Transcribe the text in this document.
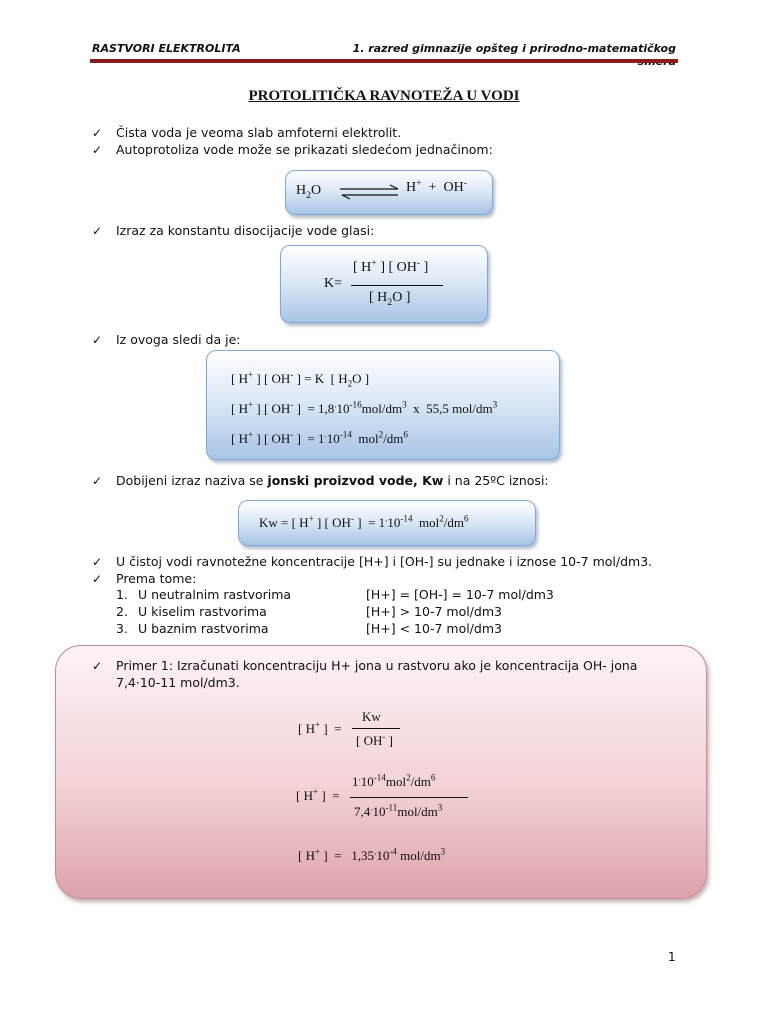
RASTVORI ELEKTROLITA	1. razred gimnazije opšteg i prirodno-matematičkog
PROTOLITIČKA RAVNOTEŽA U VODI
✓ Čista voda je veoma slab amfoterni elektrolit.
✓ Autoprotoliza vode može se prikazati sledećom jednačinom:
$H_2O$ ⇌ H+  +  OH-
✓ Izraz za konstantu disocijacije vode glasi:
K=
[ H+ ] [ OH- ]
[ $H_2O$ ]
✓ Iz ovoga sledi da je:
[ H+ ] [ OH- ] = K  [ $H_2O$ ]
[ H+ ] [ OH- ]  = $1,8^.10^{-16}mol/dm^3$  x  55,5 mol/$dm^3$
[ H+ ] [ OH- ]  = $1^.10^{-14}$  $mol^2/dm^6$
✓ Dobijeni izraz naziva se jonski proizvod vode, Kw i na 25ºC iznosi:
Kw = [ H+ ] [ OH- ]  = $1^.10^{-14}$  $mol^2/dm^6$
✓ U čistoj vodi ravnotežne koncentracije [H+] i [OH-] su jednake i iznose 10-7 mol/dm3.
✓ Prema tome:
1. U neutralnim rastvorima	[H+] = [OH-] = 10-7 mol/dm3
2. U kiselim rastvorima	[H+] > 10-7 mol/dm3
3. U baznim rastvorima	[H+] < 10-7 mol/dm3
✓ Primer 1: Izračunati koncentraciju H+ jona u rastvoru ako je koncentracija OH- jona
7,4·10-11 mol/dm3.
[ H+ ]  =
Kw
[ OH- ]
[ H+ ]  =
$1^.10^{-14}mol^2/dm^6$
$7,4^.10^{-11}mol/dm^3$
[ H+ ]  =   $1,35^.10^{-4}$ mol/$dm^3$
1
